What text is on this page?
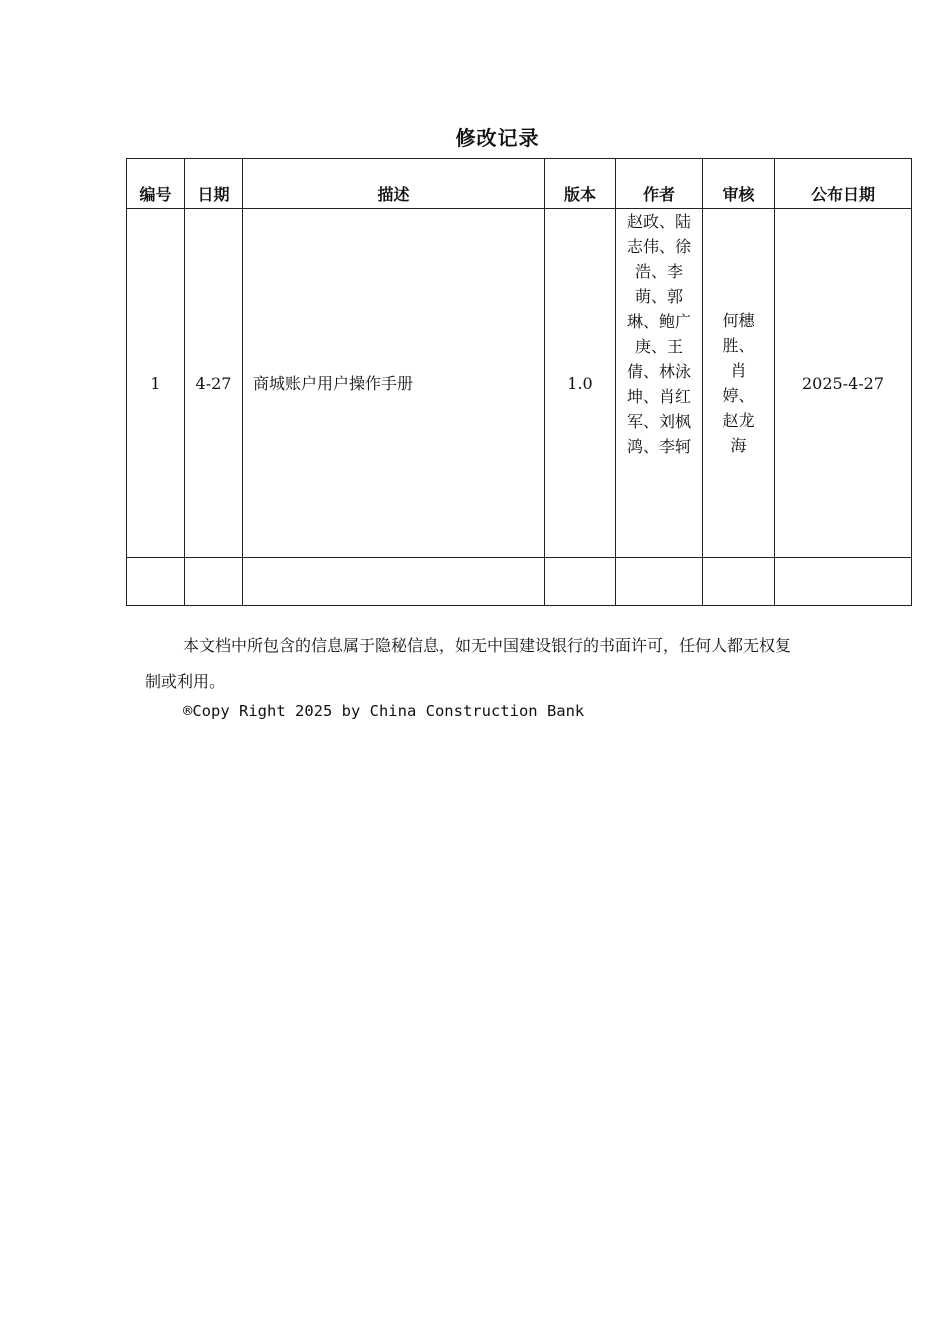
修改记录
编号	日期	描述	版本	作者	审核	公布日期
1	4-27	商城账户用户操作手册	1.0	赵政、陆志伟、徐浩、李萌、郭琳、鲍广庚、王倩、林泳坤、肖红军、刘枫鸿、李轲	何穗胜、肖婷、赵龙海	2025-4-27

本文档中所包含的信息属于隐秘信息，如无中国建设银行的书面许可，任何人都无权复制或利用。
®Copy Right 2025 by China Construction Bank
